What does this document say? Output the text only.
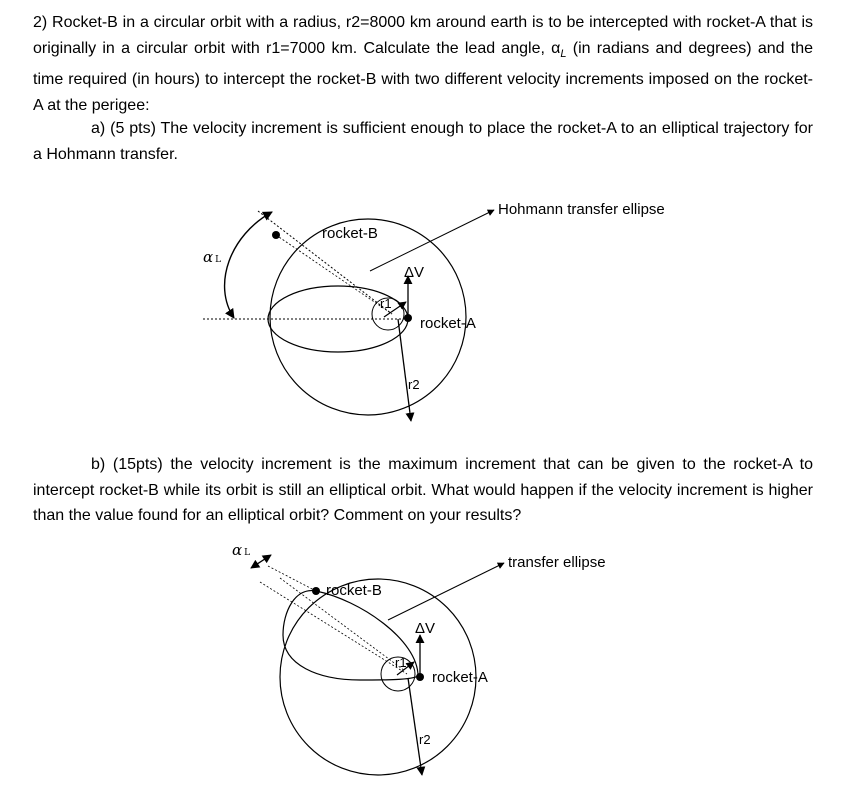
2) Rocket-B in a circular orbit with a radius, r2=8000 km around earth is to be intercepted with rocket-A that is originally in a circular orbit with r1=7000 km. Calculate the lead angle, $\alpha_L$ (in radians and degrees) and the time required (in hours) to intercept the rocket-B with two different velocity increments imposed on the rocket-A at the perigee:

a) (5 pts) The velocity increment is sufficient enough to place the rocket-A to an elliptical trajectory for a Hohmann transfer.

Hohmann transfer ellipse
rocket-B
ΔV
r1
rocket-A
r2
α L

b) (15pts) the velocity increment is the maximum increment that can be given to the rocket-A to intercept rocket-B while its orbit is still an elliptical orbit. What would happen if the velocity increment is higher than the value found for an elliptical orbit? Comment on your results?

transfer ellipse
rocket-B
ΔV
r1
rocket-A
r2
α L
